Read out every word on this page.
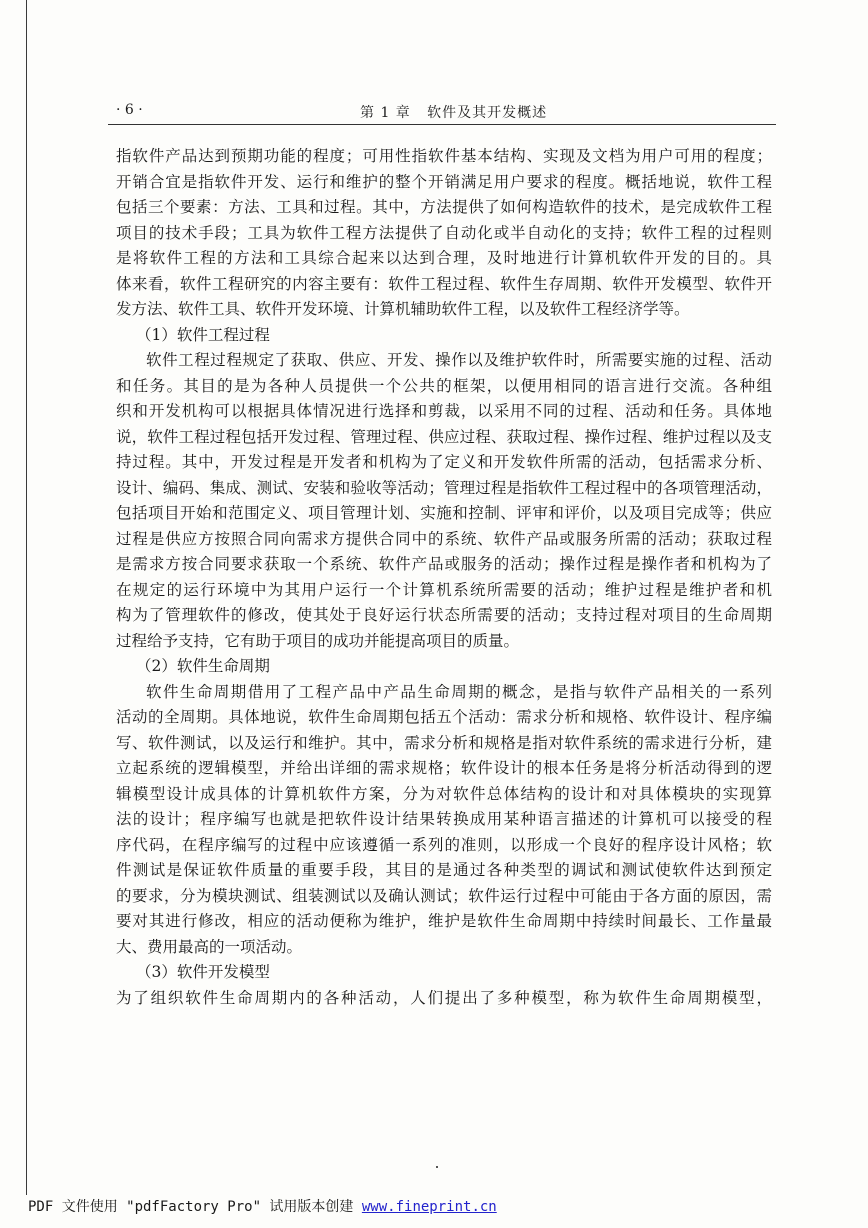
· 6 ·	第 1 章   软件及其开发概述
指软件产品达到预期功能的程度；可用性指软件基本结构、实现及文档为用户可用的程度；
开销合宜是指软件开发、运行和维护的整个开销满足用户要求的程度。概括地说，软件工程
包括三个要素：方法、工具和过程。其中，方法提供了如何构造软件的技术，是完成软件工程
项目的技术手段；工具为软件工程方法提供了自动化或半自动化的支持；软件工程的过程则
是将软件工程的方法和工具综合起来以达到合理，及时地进行计算机软件开发的目的。具
体来看，软件工程研究的内容主要有：软件工程过程、软件生存周期、软件开发模型、软件开
发方法、软件工具、软件开发环境、计算机辅助软件工程，以及软件工程经济学等。
（1）软件工程过程
软件工程过程规定了获取、供应、开发、操作以及维护软件时，所需要实施的过程、活动
和任务。其目的是为各种人员提供一个公共的框架，以便用相同的语言进行交流。各种组
织和开发机构可以根据具体情况进行选择和剪裁，以采用不同的过程、活动和任务。具体地
说，软件工程过程包括开发过程、管理过程、供应过程、获取过程、操作过程、维护过程以及支
持过程。其中，开发过程是开发者和机构为了定义和开发软件所需的活动，包括需求分析、
设计、编码、集成、测试、安装和验收等活动；管理过程是指软件工程过程中的各项管理活动，
包括项目开始和范围定义、项目管理计划、实施和控制、评审和评价，以及项目完成等；供应
过程是供应方按照合同向需求方提供合同中的系统、软件产品或服务所需的活动；获取过程
是需求方按合同要求获取一个系统、软件产品或服务的活动；操作过程是操作者和机构为了
在规定的运行环境中为其用户运行一个计算机系统所需要的活动；维护过程是维护者和机
构为了管理软件的修改，使其处于良好运行状态所需要的活动；支持过程对项目的生命周期
过程给予支持，它有助于项目的成功并能提高项目的质量。
（2）软件生命周期
软件生命周期借用了工程产品中产品生命周期的概念，是指与软件产品相关的一系列
活动的全周期。具体地说，软件生命周期包括五个活动：需求分析和规格、软件设计、程序编
写、软件测试，以及运行和维护。其中，需求分析和规格是指对软件系统的需求进行分析，建
立起系统的逻辑模型，并给出详细的需求规格；软件设计的根本任务是将分析活动得到的逻
辑模型设计成具体的计算机软件方案，分为对软件总体结构的设计和对具体模块的实现算
法的设计；程序编写也就是把软件设计结果转换成用某种语言描述的计算机可以接受的程
序代码，在程序编写的过程中应该遵循一系列的准则，以形成一个良好的程序设计风格；软
件测试是保证软件质量的重要手段，其目的是通过各种类型的调试和测试使软件达到预定
的要求，分为模块测试、组装测试以及确认测试；软件运行过程中可能由于各方面的原因，需
要对其进行修改，相应的活动便称为维护，维护是软件生命周期中持续时间最长、工作量最
大、费用最高的一项活动。
（3）软件开发模型
为了组织软件生命周期内的各种活动，人们提出了多种模型，称为软件生命周期模型，
PDF 文件使用 "pdfFactory Pro" 试用版本创建 www.fineprint.cn
